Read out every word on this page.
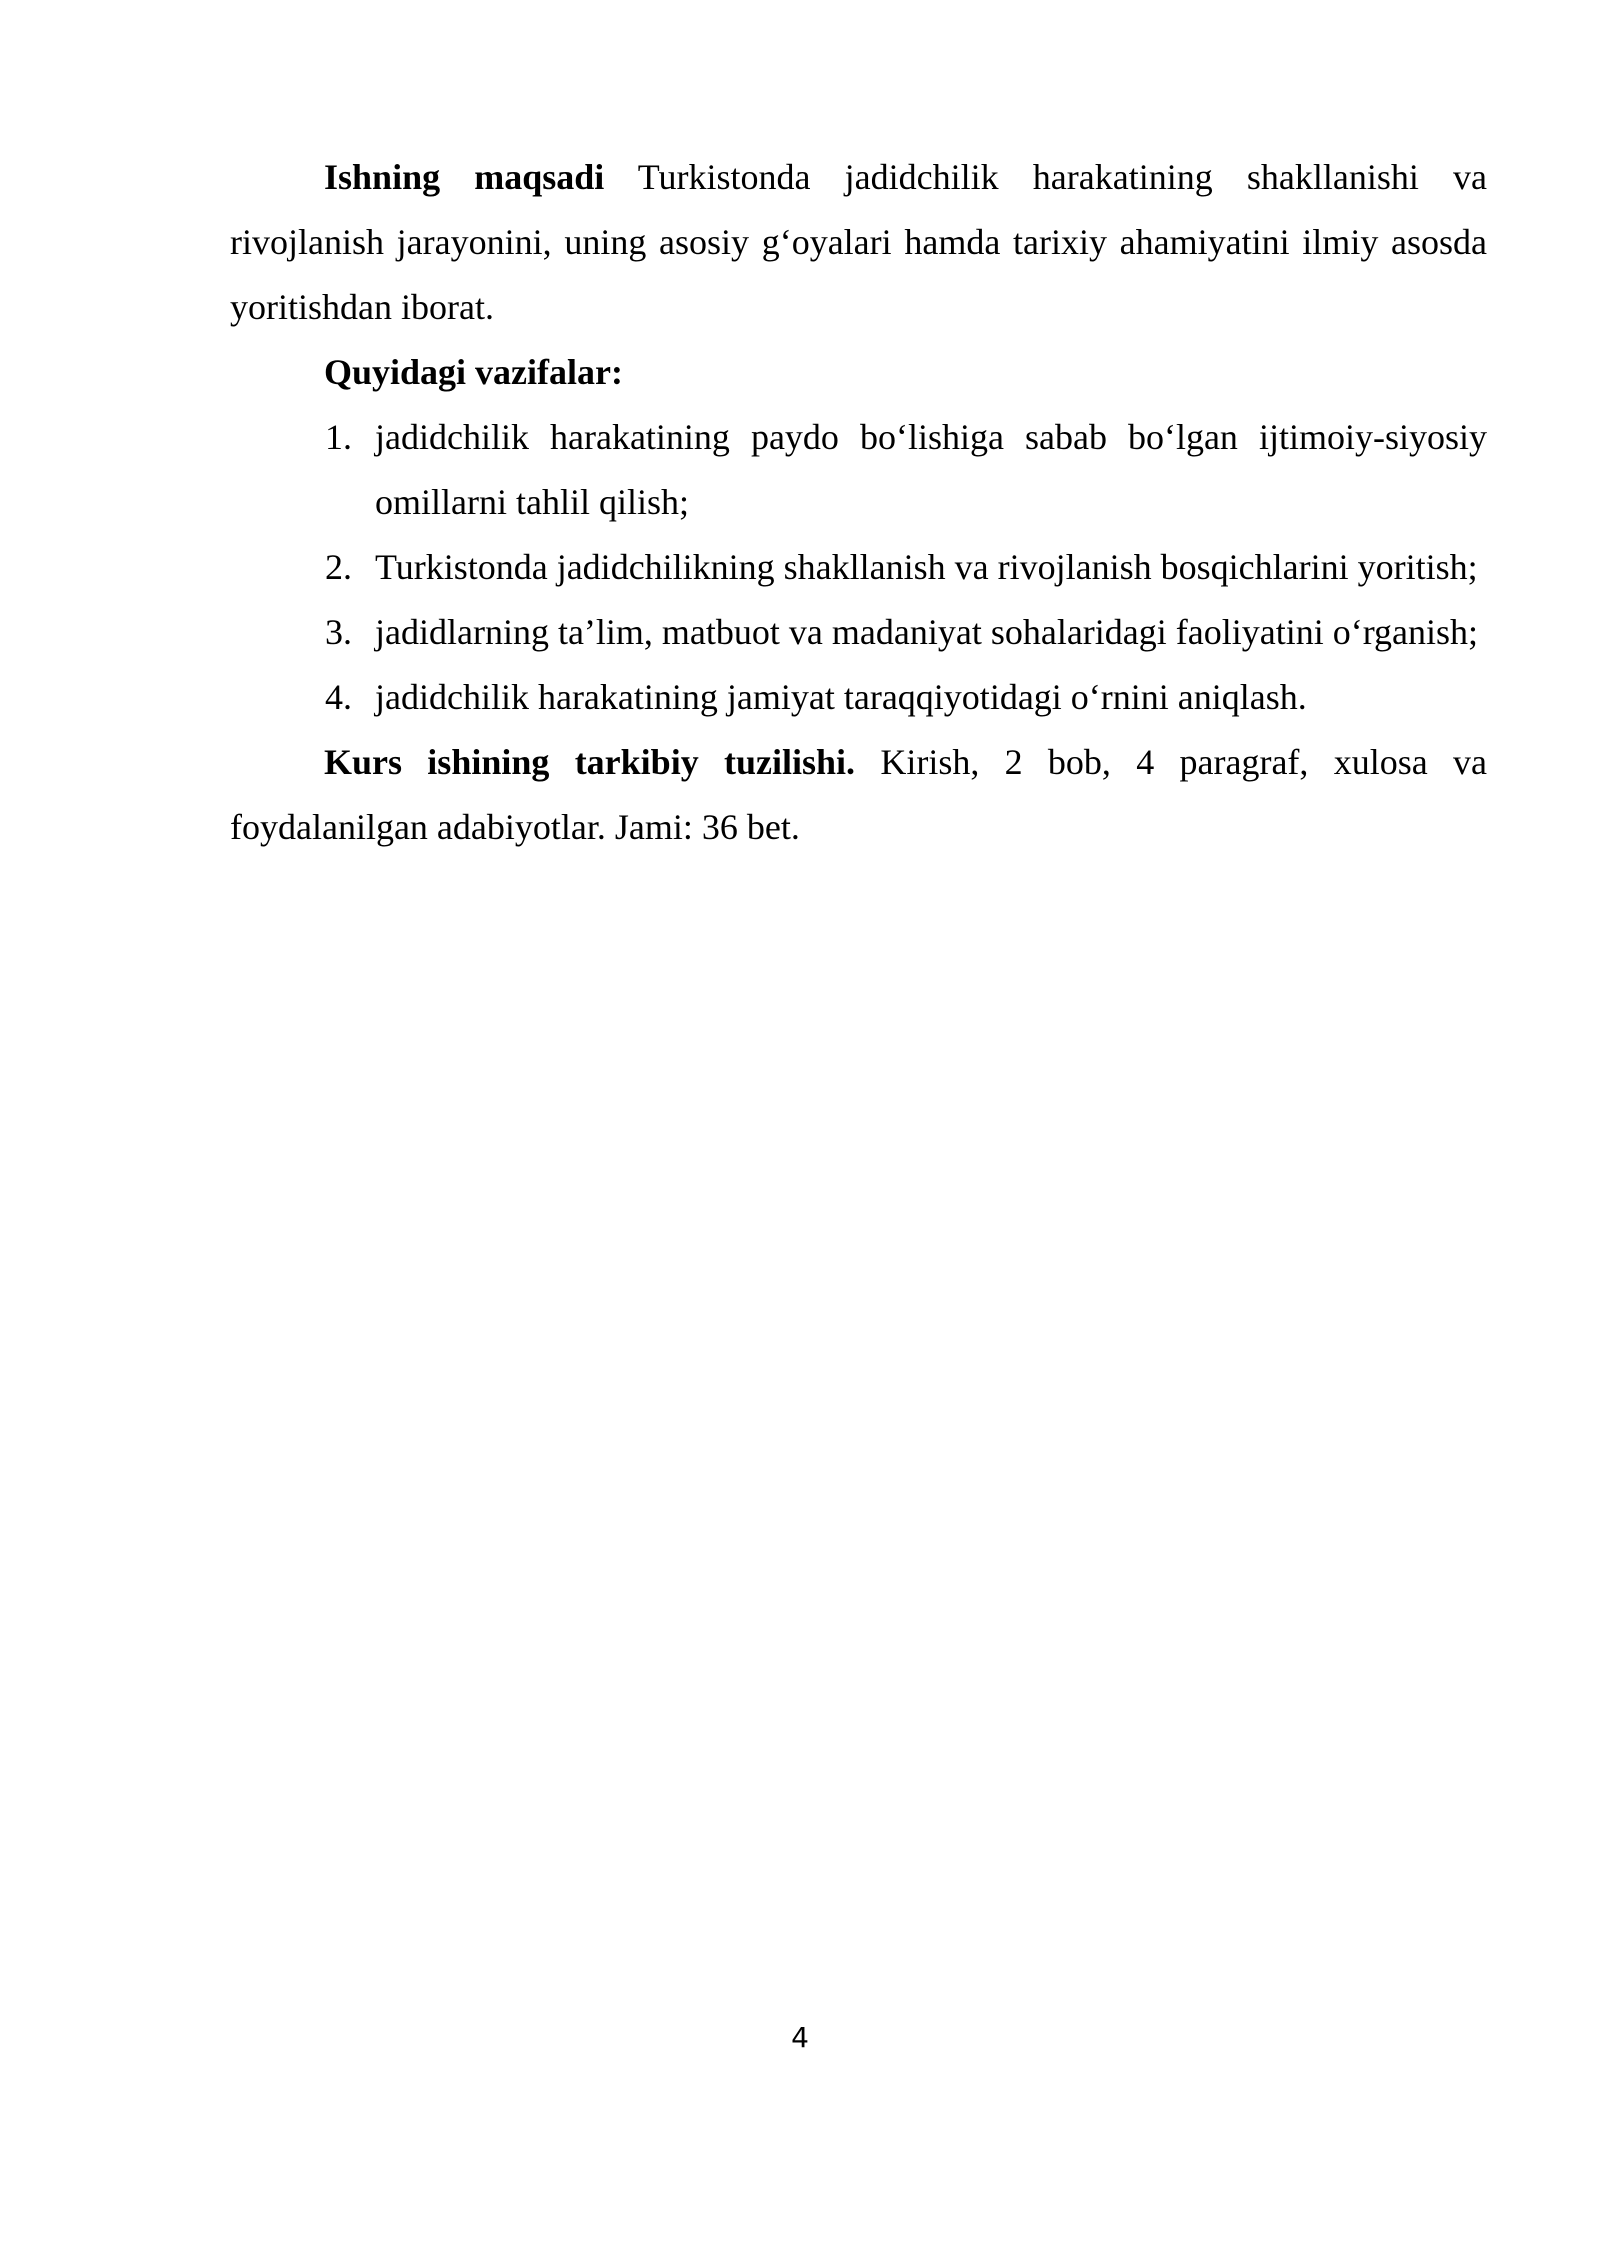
Ishning maqsadi Turkistonda jadidchilik harakatining shakllanishi va rivojlanish jarayonini, uning asosiy g‘oyalari hamda tarixiy ahamiyatini ilmiy asosda yoritishdan iborat.

Quyidagi vazifalar:

1. jadidchilik harakatining paydo bo‘lishiga sabab bo‘lgan ijtimoiy-siyosiy omillarni tahlil qilish;
2. Turkistonda jadidchilikning shakllanish va rivojlanish bosqichlarini yoritish;
3. jadidlarning ta’lim, matbuot va madaniyat sohalaridagi faoliyatini o‘rganish;
4. jadidchilik harakatining jamiyat taraqqiyotidagi o‘rnini aniqlash.

Kurs ishining tarkibiy tuzilishi. Kirish, 2 bob, 4 paragraf, xulosa va foydalanilgan adabiyotlar. Jami: 36 bet.

4
